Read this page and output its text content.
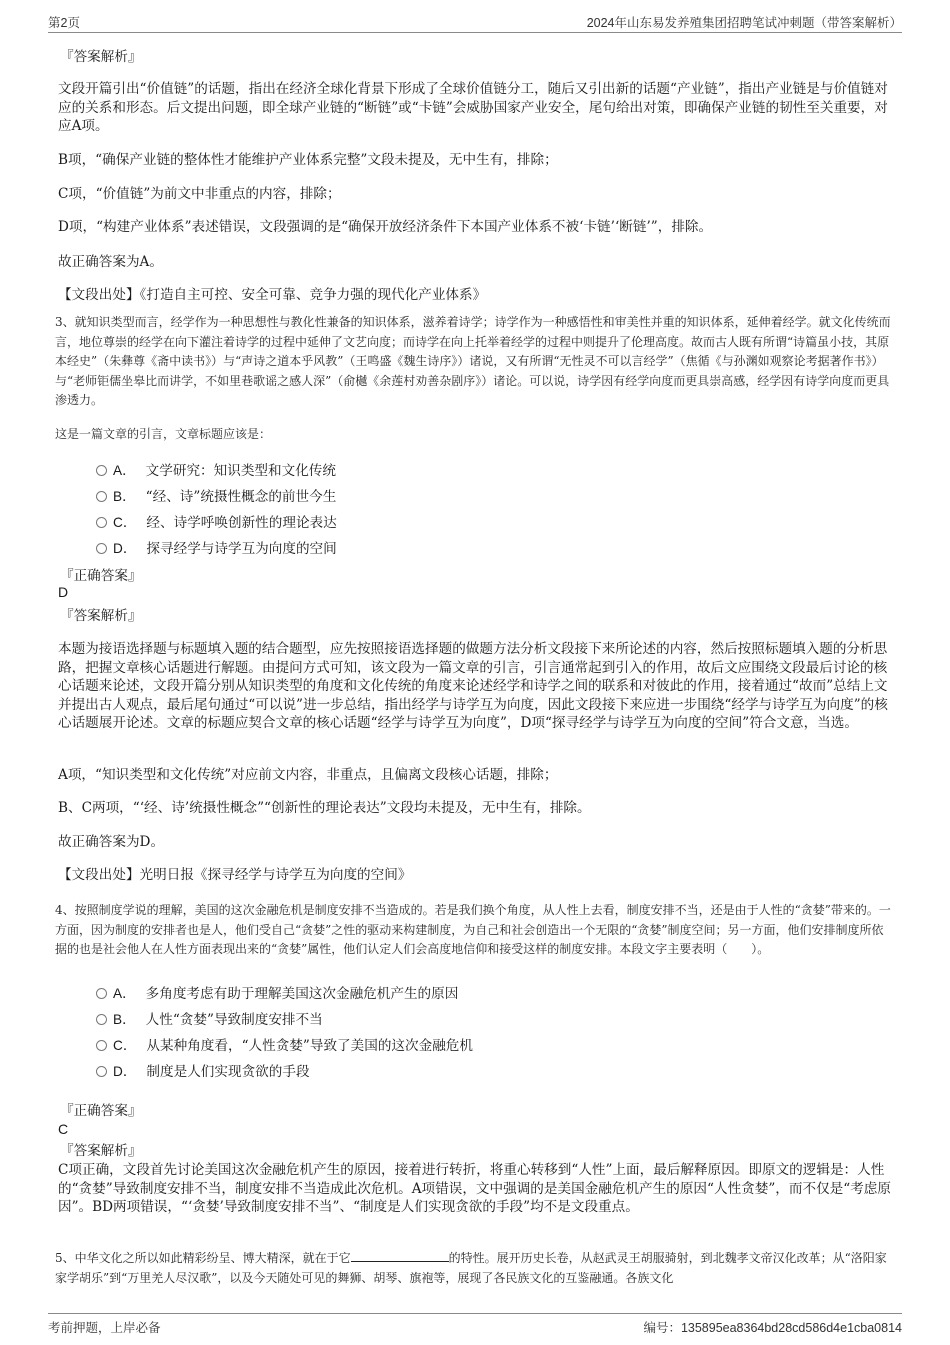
第2页	2024年山东易发养殖集团招聘笔试冲刺题（带答案解析）
『答案解析』
文段开篇引出“价值链”的话题，指出在经济全球化背景下形成了全球价值链分工，随后又引出新的话题“产业链”，指出产业链是与价值链对应的关系和形态。后文提出问题，即全球产业链的“断链”或“卡链”会威胁国家产业安全，尾句给出对策，即确保产业链的韧性至关重要，对应A项。
B项，“确保产业链的整体性才能维护产业体系完整”文段未提及，无中生有，排除；
C项，“价值链”为前文中非重点的内容，排除；
D项，“构建产业体系”表述错误，文段强调的是“确保开放经济条件下本国产业体系不被‘卡链’‘断链’”，排除。
故正确答案为A。
【文段出处】《打造自主可控、安全可靠、竞争力强的现代化产业体系》
3、就知识类型而言，经学作为一种思想性与教化性兼备的知识体系，滋养着诗学；诗学作为一种感悟性和审美性并重的知识体系，延伸着经学。就文化传统而言，地位尊崇的经学在向下灌注着诗学的过程中延伸了文艺向度；而诗学在向上托举着经学的过程中则提升了伦理高度。故而古人既有所谓“诗篇虽小技，其原本经史”（朱彝尊《斋中读书》）与“声诗之道本乎风教”（王鸣盛《魏生诗序》）诸说，又有所谓“无性灵不可以言经学”（焦循《与孙渊如观察论考据著作书》）与“老师钜儒坐皋比而讲学，不如里巷歌谣之感人深”（俞樾《余莲村劝善杂剧序》）诸论。可以说，诗学因有经学向度而更具崇高感，经学因有诗学向度而更具渗透力。
这是一篇文章的引言，文章标题应该是：
A． 文学研究：知识类型和文化传统
B． “经、诗”统摄性概念的前世今生
C． 经、诗学呼唤创新性的理论表达
D． 探寻经学与诗学互为向度的空间
『正确答案』
D
『答案解析』
本题为接语选择题与标题填入题的结合题型，应先按照接语选择题的做题方法分析文段接下来所论述的内容，然后按照标题填入题的分析思路，把握文章核心话题进行解题。由提问方式可知，该文段为一篇文章的引言，引言通常起到引入的作用，故后文应围绕文段最后讨论的核心话题来论述，文段开篇分别从知识类型的角度和文化传统的角度来论述经学和诗学之间的联系和对彼此的作用，接着通过“故而”总结上文并提出古人观点，最后尾句通过“可以说”进一步总结，指出经学与诗学互为向度，因此文段接下来应进一步围绕“经学与诗学互为向度”的核心话题展开论述。文章的标题应契合文章的核心话题“经学与诗学互为向度”，D项“探寻经学与诗学互为向度的空间”符合文意，当选。
A项，“知识类型和文化传统”对应前文内容，非重点，且偏离文段核心话题，排除；
B、C两项，“‘经、诗’统摄性概念”“创新性的理论表达”文段均未提及，无中生有，排除。
故正确答案为D。
【文段出处】光明日报《探寻经学与诗学互为向度的空间》
4、按照制度学说的理解，美国的这次金融危机是制度安排不当造成的。若是我们换个角度，从人性上去看，制度安排不当，还是由于人性的“贪婪”带来的。一方面，因为制度的安排者也是人，他们受自己“贪婪”之性的驱动来构建制度，为自己和社会创造出一个无限的“贪婪”制度空间；另一方面，他们安排制度所依据的也是社会他人在人性方面表现出来的“贪婪”属性，他们认定人们会高度地信仰和接受这样的制度安排。本段文字主要表明（　　）。
A． 多角度考虑有助于理解美国这次金融危机产生的原因
B． 人性“贪婪”导致制度安排不当
C． 从某种角度看，“人性贪婪”导致了美国的这次金融危机
D． 制度是人们实现贪欲的手段
『正确答案』
C
『答案解析』
C项正确，文段首先讨论美国这次金融危机产生的原因，接着进行转折，将重心转移到“人性”上面，最后解释原因。即原文的逻辑是：人性的“贪婪”导致制度安排不当，制度安排不当造成此次危机。A项错误，文中强调的是美国金融危机产生的原因“人性贪婪”，而不仅是“考虑原因”。BD两项错误，“‘贪婪’导致制度安排不当”、“制度是人们实现贪欲的手段”均不是文段重点。
5、中华文化之所以如此精彩纷呈、博大精深，就在于它	的特性。展开历史长卷，从赵武灵王胡服骑射，到北魏孝文帝汉化改革；从“洛阳家家学胡乐”到“万里羌人尽汉歌”，以及今天随处可见的舞狮、胡琴、旗袍等，展现了各民族文化的互鉴融通。各族文化
考前押题，上岸必备	编号：135895ea8364bd28cd586d4e1cba0814
